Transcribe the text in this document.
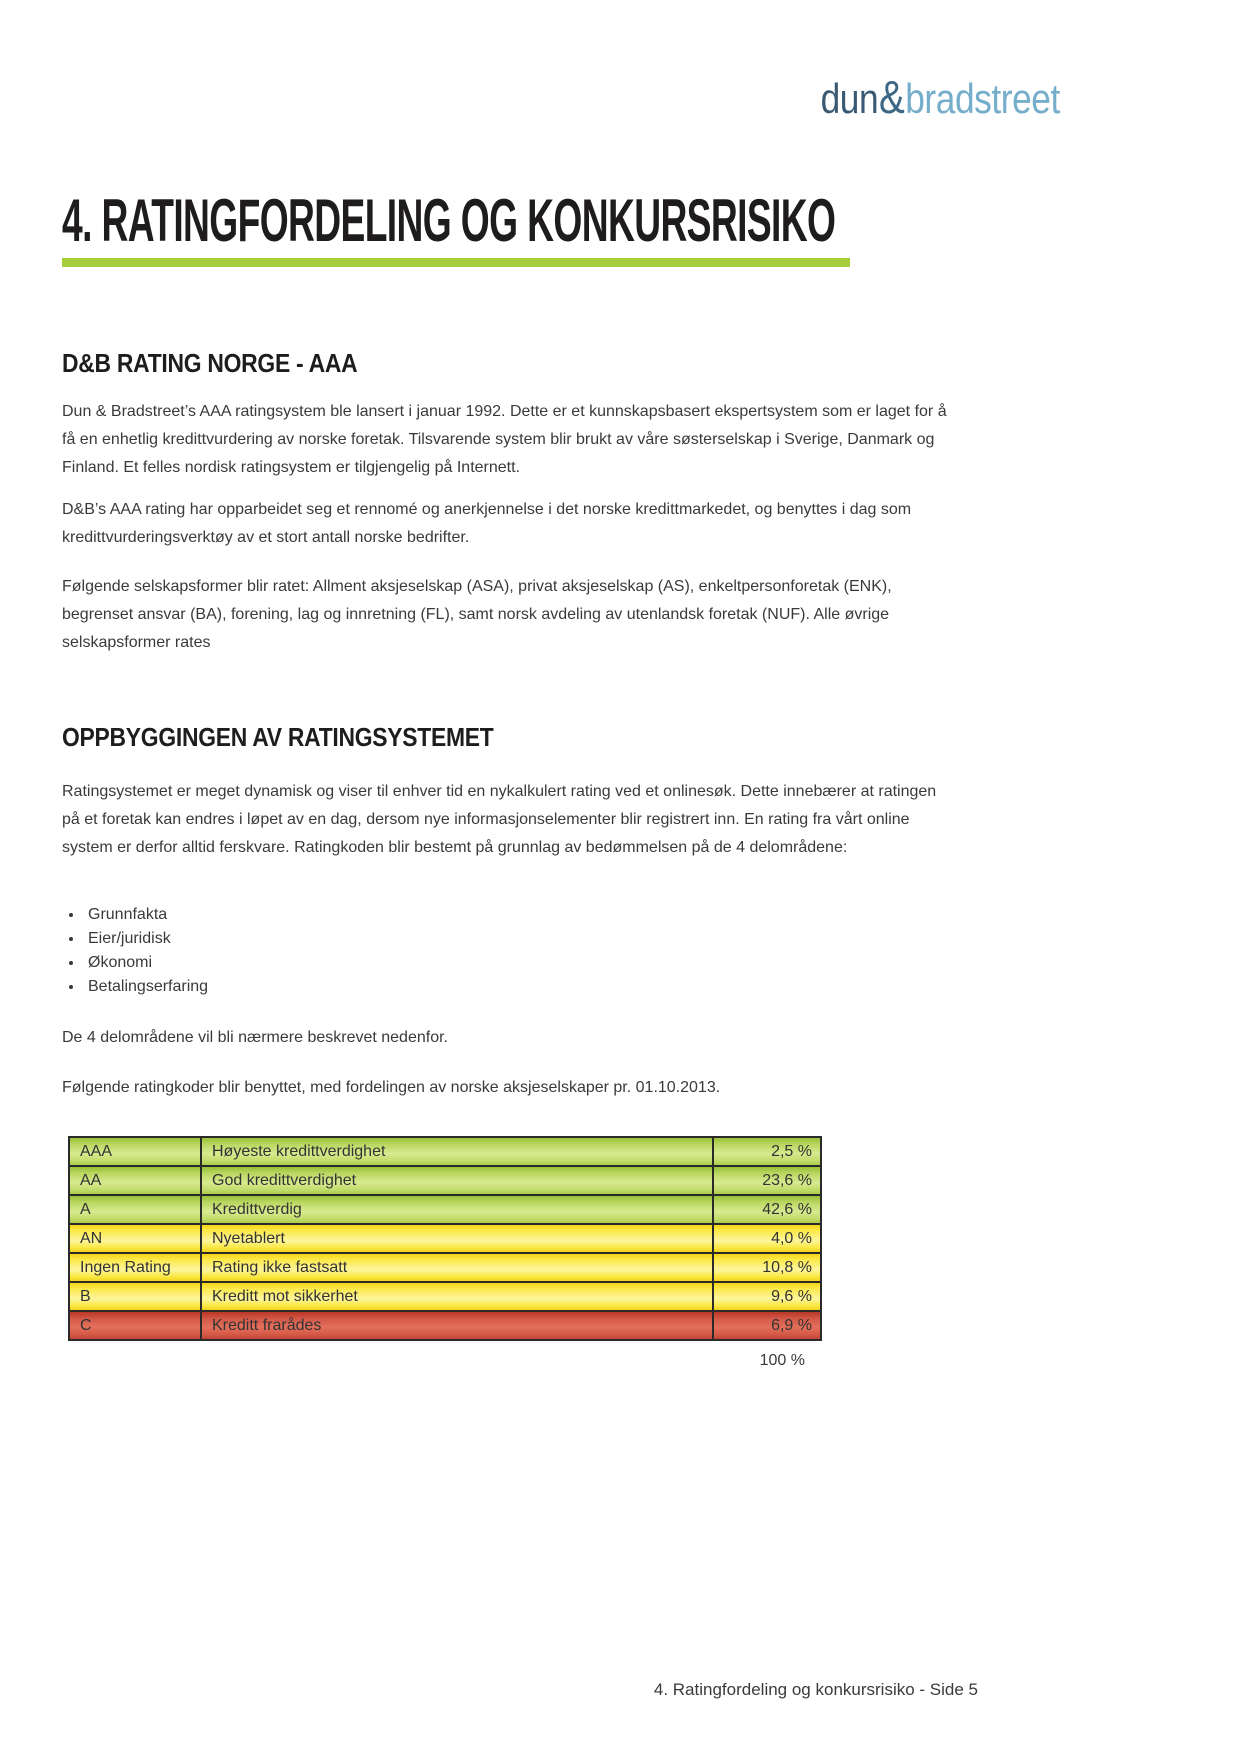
dun&bradstreet
4. RATINGFORDELING OG KONKURSRISIKO
D&B RATING NORGE - AAA

Dun & Bradstreet’s AAA ratingsystem ble lansert i januar 1992. Dette er et kunnskapsbasert ekspertsystem som er laget for å få en enhetlig kredittvurdering av norske foretak. Tilsvarende system blir brukt av våre søsterselskap i Sverige, Danmark og Finland. Et felles nordisk ratingsystem er tilgjengelig på Internett.

D&B’s AAA rating har opparbeidet seg et rennomé og anerkjennelse i det norske kredittmarkedet, og benyttes i dag som kredittvurderingsverktøy av et stort antall norske bedrifter.

Følgende selskapsformer blir ratet: Allment aksjeselskap (ASA), privat aksjeselskap (AS), enkeltpersonforetak (ENK), begrenset ansvar (BA), forening, lag og innretning (FL), samt norsk avdeling av utenlandsk foretak (NUF). Alle øvrige selskapsformer rates

OPPBYGGINGEN AV RATINGSYSTEMET

Ratingsystemet er meget dynamisk og viser til enhver tid en nykalkulert rating ved et onlinesøk. Dette innebærer at ratingen på et foretak kan endres i løpet av en dag, dersom nye informasjonselementer blir registrert inn. En rating fra vårt online system er derfor alltid ferskvare. Ratingkoden blir bestemt på grunnlag av bedømmelsen på de 4 delområdene:

• Grunnfakta
• Eier/juridisk
• Økonomi
• Betalingserfaring

De 4 delområdene vil bli nærmere beskrevet nedenfor.

Følgende ratingkoder blir benyttet, med fordelingen av norske aksjeselskaper pr. 01.10.2013.

AAA	Høyeste kredittverdighet	2,5 %
AA	God kredittverdighet	23,6 %
A	Kredittverdig	42,6 %
AN	Nyetablert	4,0 %
Ingen Rating	Rating ikke fastsatt	10,8 %
B	Kreditt mot sikkerhet	9,6 %
C	Kreditt frarådes	6,9 %
100 %
4. Ratingfordeling og konkursrisiko - Side 5
